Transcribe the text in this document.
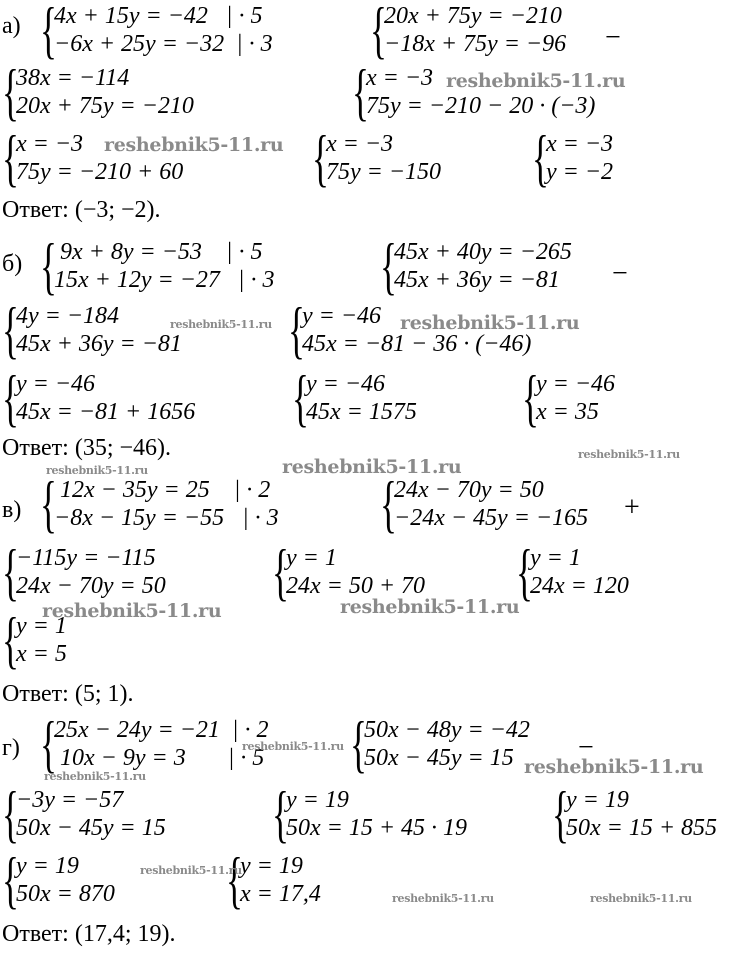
а) {
4x + 15y = −42   | · 5
−6x + 25y = −32  | · 3 {
20x + 75y = −210
−18x + 75y = −96 −
{
38x = −114
20x + 75y = −210 {
x = −3
75y = −210 − 20 · (−3)
{
x = −3
75y = −210 + 60 {
x = −3
75y = −150 {
x = −3
y = −2
Ответ: (−3; −2).
б) {
9x + 8y = −53    | · 5
15x + 12y = −27   | · 3 {
45x + 40y = −265
45x + 36y = −81	−
{
4y = −184
45x + 36y = −81 {
y = −46
45x = −81 − 36 · (−46)
{
y = −46
45x = −81 + 1656 {
y = −46
45x = 1575 {
y = −46
x = 35
Ответ: (35; −46).
в) {
12x − 35y = 25    | · 2
−8x − 15y = −55   | · 3 {
24x − 70y = 50
−24x − 45y = −165 +
{
−115y = −115
24x − 70y = 50 {
y = 1
24x = 50 + 70 {
y = 1
24x = 120
{
y = 1
x = 5
Ответ: (5; 1).
г) {
25x − 24y = −21  | · 2
10x − 9y = 3       | · 5 {
50x − 48y = −42
50x − 45y = 15	−
{
−3y = −57
50x − 45y = 15 {
y = 19
50x = 15 + 45 · 19 {
y = 19
50x = 15 + 855
{
y = 19
50x = 870 {
y = 19
x = 17,4
Ответ: (17,4; 19).
reshebnik5-11.ru
reshebnik5-11.ru
reshebnik5-11.ru	reshebnik5-11.ru
reshebnik5-11.ru
reshebnik5-11.ru	reshebnik5-11.ru
reshebnik5-11.ru	reshebnik5-11.ru
reshebnik5-11.ru
reshebnik5-11.ru	reshebnik5-11.ru
reshebnik5-11.ru
reshebnik5-11.ru	reshebnik5-11.ru
